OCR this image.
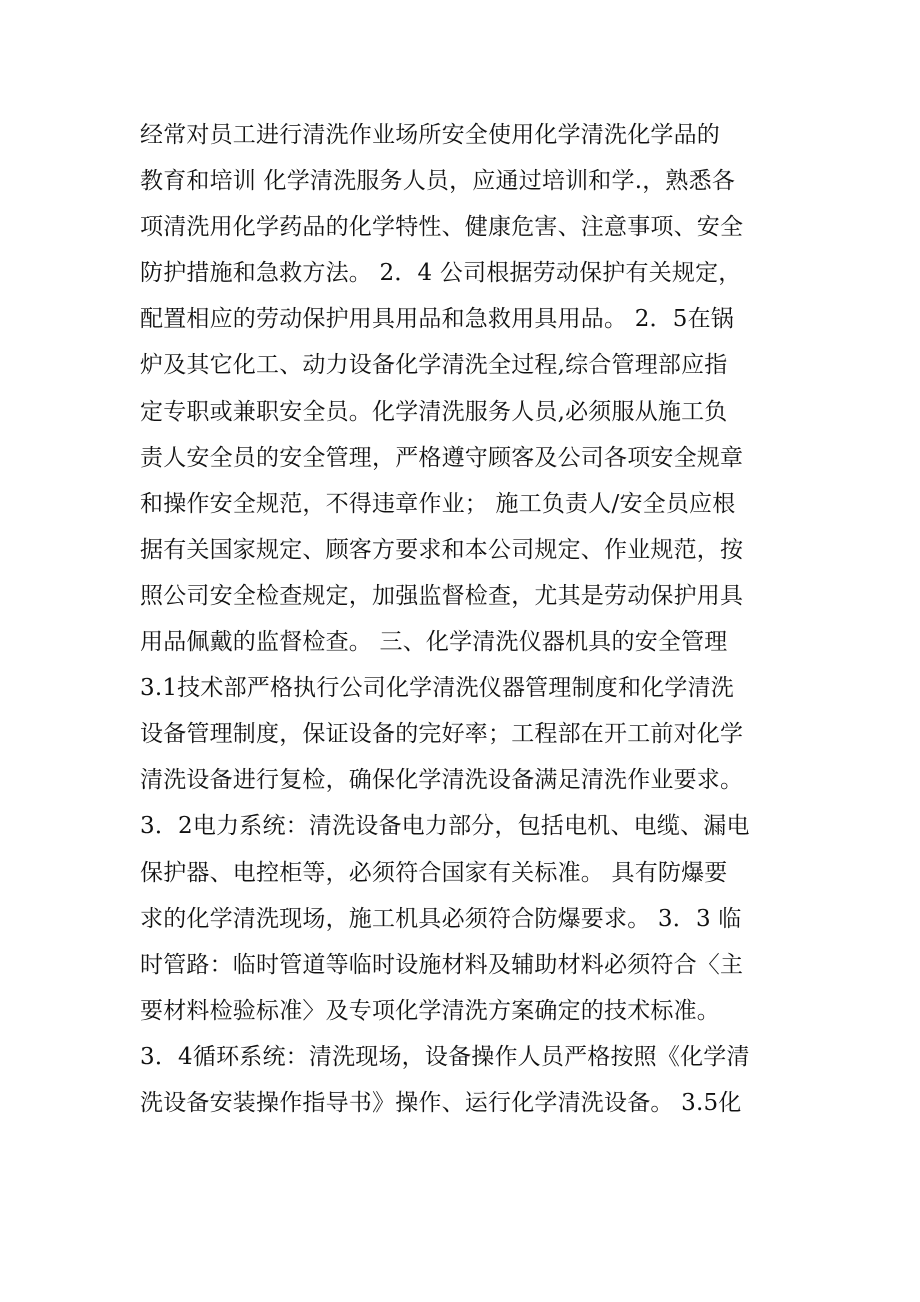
经常对员工进行清洗作业场所安全使用化学清洗化学品的
教育和培训 化学清洗服务人员，应通过培训和学.，熟悉各
项清洗用化学药品的化学特性、健康危害、注意事项、安全
防护措施和急救方法。 2．4 公司根据劳动保护有关规定，
配置相应的劳动保护用具用品和急救用具用品。 2．5在锅
炉及其它化工、动力设备化学清洗全过程,综合管理部应指
定专职或兼职安全员。化学清洗服务人员,必须服从施工负
责人安全员的安全管理，严格遵守顾客及公司各项安全规章
和操作安全规范，不得违章作业； 施工负责人/安全员应根
据有关国家规定、顾客方要求和本公司规定、作业规范，按
照公司安全检查规定，加强监督检查，尤其是劳动保护用具
用品佩戴的监督检查。 三、化学清洗仪器机具的安全管理
3.1技术部严格执行公司化学清洗仪器管理制度和化学清洗
设备管理制度，保证设备的完好率；工程部在开工前对化学
清洗设备进行复检，确保化学清洗设备满足清洗作业要求。
3．2电力系统：清洗设备电力部分，包括电机、电缆、漏电
保护器、电控柜等，必须符合国家有关标准。 具有防爆要
求的化学清洗现场，施工机具必须符合防爆要求。 3．3 临
时管路：临时管道等临时设施材料及辅助材料必须符合〈主
要材料检验标准〉及专项化学清洗方案确定的技术标准。
3．4循环系统：清洗现场，设备操作人员严格按照《化学清
洗设备安装操作指导书》操作、运行化学清洗设备。 3.5化
